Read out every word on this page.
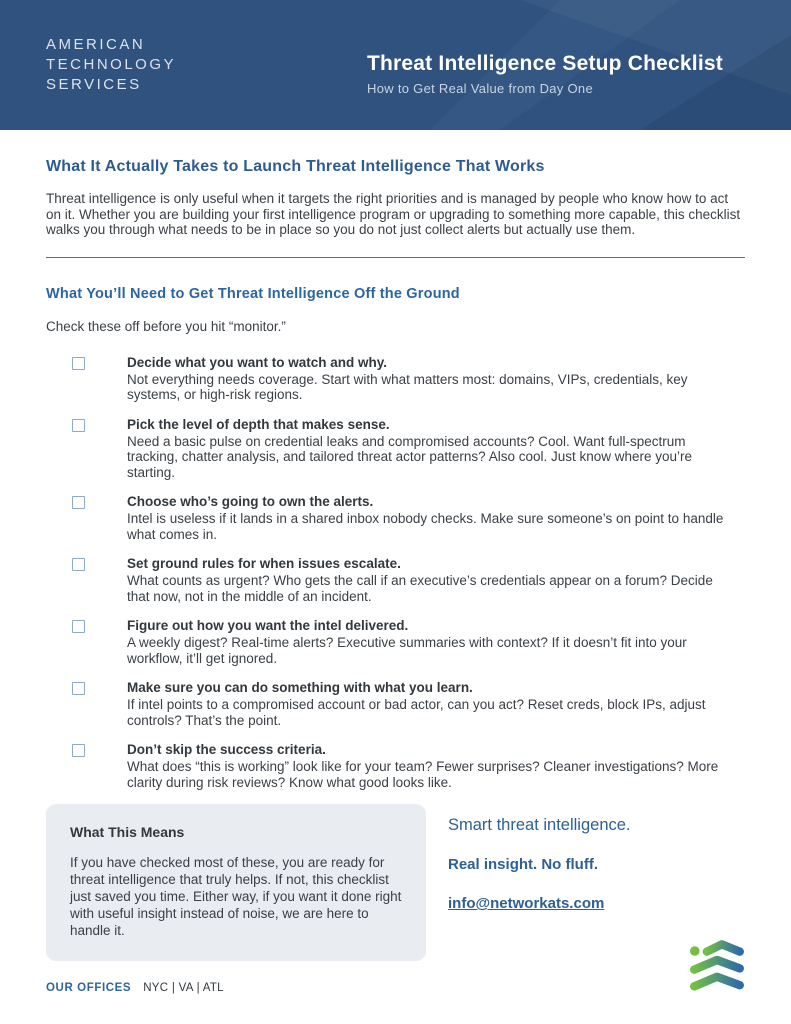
AMERICAN
TECHNOLOGY
SERVICES
Threat Intelligence Setup Checklist
How to Get Real Value from Day One
What It Actually Takes to Launch Threat Intelligence That Works

Threat intelligence is only useful when it targets the right priorities and is managed by people who know how to act on it. Whether you are building your first intelligence program or upgrading to something more capable, this checklist walks you through what needs to be in place so you do not just collect alerts but actually use them.

What You’ll Need to Get Threat Intelligence Off the Ground

Check these off before you hit “monitor.”

Decide what you want to watch and why.
Not everything needs coverage. Start with what matters most: domains, VIPs, credentials, key systems, or high-risk regions.
Pick the level of depth that makes sense.
Need a basic pulse on credential leaks and compromised accounts? Cool. Want full-spectrum tracking, chatter analysis, and tailored threat actor patterns? Also cool. Just know where you’re starting.
Choose who’s going to own the alerts.
Intel is useless if it lands in a shared inbox nobody checks. Make sure someone’s on point to handle what comes in.
Set ground rules for when issues escalate.
What counts as urgent? Who gets the call if an executive’s credentials appear on a forum? Decide that now, not in the middle of an incident.
Figure out how you want the intel delivered.
A weekly digest? Real-time alerts? Executive summaries with context? If it doesn’t fit into your workflow, it’ll get ignored.
Make sure you can do something with what you learn.
If intel points to a compromised account or bad actor, can you act? Reset creds, block IPs, adjust controls? That’s the point.
Don’t skip the success criteria.
What does “this is working” look like for your team? Fewer surprises? Cleaner investigations? More clarity during risk reviews? Know what good looks like.

What This Means

If you have checked most of these, you are ready for threat intelligence that truly helps. If not, this checklist just saved you time. Either way, if you want it done right with useful insight instead of noise, we are here to handle it.

Smart threat intelligence.

Real insight. No fluff.

info@networkats.com
OUR OFFICES NYC | VA | ATL
